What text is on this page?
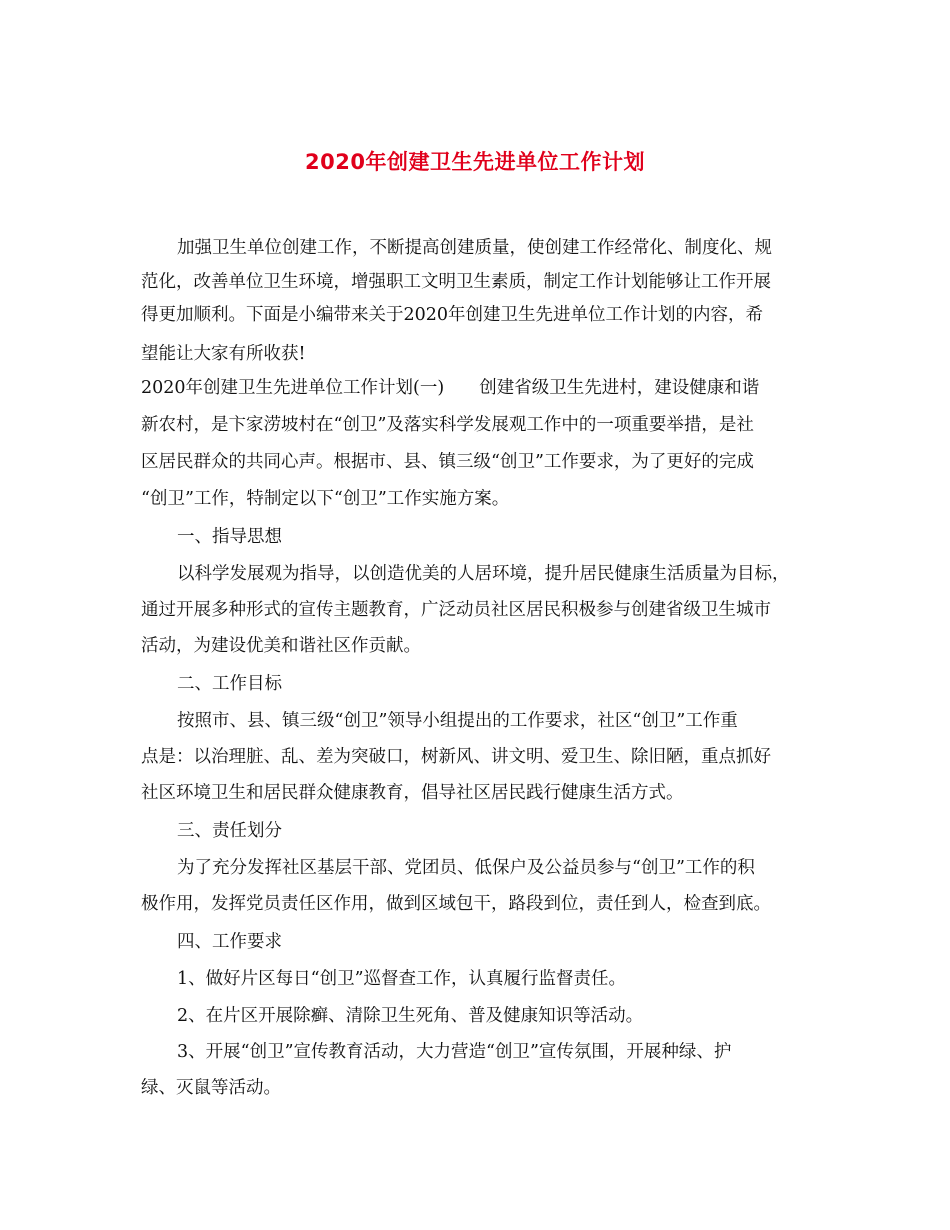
2020年创建卫生先进单位工作计划
加强卫生单位创建工作，不断提高创建质量，使创建工作经常化、制度化、规
范化，改善单位卫生环境，增强职工文明卫生素质，制定工作计划能够让工作开展
得更加顺利。下面是小编带来关于2020年创建卫生先进单位工作计划的内容，希
望能让大家有所收获!
2020年创建卫生先进单位工作计划(一)　　创建省级卫生先进村，建设健康和谐
新农村，是卞家涝坡村在“创卫”及落实科学发展观工作中的一项重要举措，是社
区居民群众的共同心声。根据市、县、镇三级“创卫”工作要求，为了更好的完成
“创卫”工作，特制定以下“创卫”工作实施方案。
一、指导思想
以科学发展观为指导，以创造优美的人居环境，提升居民健康生活质量为目标，
通过开展多种形式的宣传主题教育，广泛动员社区居民积极参与创建省级卫生城市
活动，为建设优美和谐社区作贡献。
二、工作目标
按照市、县、镇三级“创卫”领导小组提出的工作要求，社区“创卫”工作重
点是：以治理脏、乱、差为突破口，树新风、讲文明、爱卫生、除旧陋，重点抓好
社区环境卫生和居民群众健康教育，倡导社区居民践行健康生活方式。
三、责任划分
为了充分发挥社区基层干部、党团员、低保户及公益员参与“创卫”工作的积
极作用，发挥党员责任区作用，做到区域包干，路段到位，责任到人，检查到底。
四、工作要求
1、做好片区每日“创卫”巡督查工作，认真履行监督责任。
2、在片区开展除癣、清除卫生死角、普及健康知识等活动。
3、开展“创卫”宣传教育活动，大力营造“创卫”宣传氛围，开展种绿、护
绿、灭鼠等活动。
